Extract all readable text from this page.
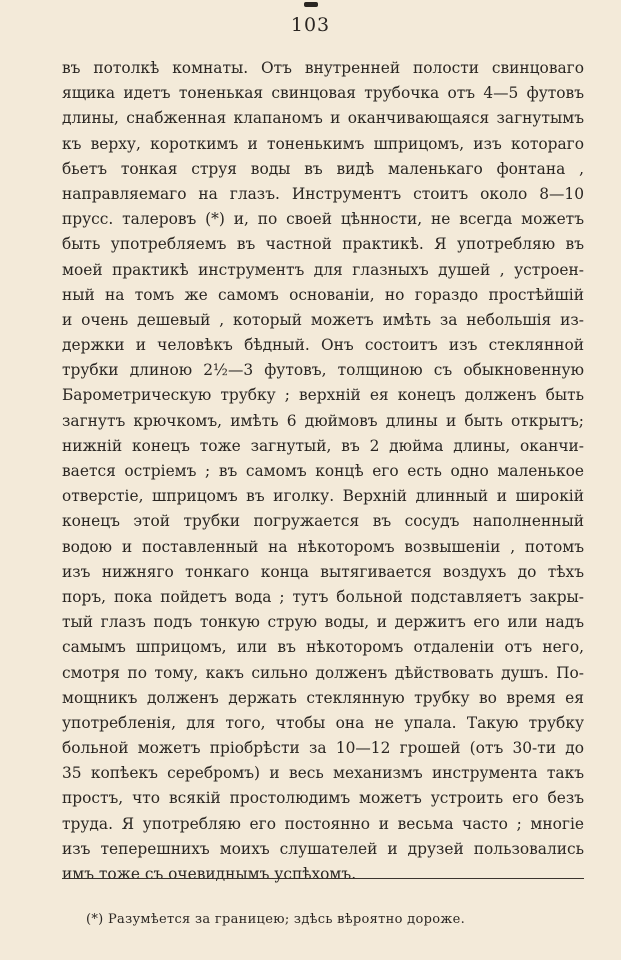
103
въ потолкѣ комнаты. Отъ внутренней полости свинцоваго
ящика идетъ тоненькая свинцовая трубочка отъ 4—5 футовъ
длины, снабженная клапаномъ и оканчивающаяся загнутымъ
къ верху, короткимъ и тоненькимъ шприцомъ, изъ котораго
бьетъ тонкая струя воды въ видѣ маленькаго фонтана ,
направляемаго на глазъ. Инструментъ стоитъ около 8—10
прусс. талеровъ (*) и, по своей цѣнности, не всегда можетъ
быть употребляемъ въ частной практикѣ. Я употребляю въ
моей практикѣ инструментъ для глазныхъ душей , устроен-
ный на томъ же самомъ основаніи, но гораздо простѣйшій
и очень дешевый , который можетъ имѣть за небольшія из-
держки и человѣкъ бѣдный. Онъ состоитъ изъ стеклянной
трубки длиною 2½—3 футовъ, толщиною съ обыкновенную
Барометрическую трубку ; верхній ея конецъ долженъ быть
загнутъ крючкомъ, имѣть 6 дюймовъ длины и быть открытъ;
нижній конецъ тоже загнутый, въ 2 дюйма длины, оканчи-
вается остріемъ ; въ самомъ концѣ его есть одно маленькое
отверстіе, шприцомъ въ иголку. Верхній длинный и широкій
конецъ этой трубки погружается въ сосудъ наполненный
водою и поставленный на нѣкоторомъ возвышеніи , потомъ
изъ нижняго тонкаго конца вытягивается воздухъ до тѣхъ
поръ, пока пойдетъ вода ; тутъ больной подставляетъ закры-
тый глазъ подъ тонкую струю воды, и держитъ его или надъ
самымъ шприцомъ, или въ нѣкоторомъ отдаленіи отъ него,
смотря по тому, какъ сильно долженъ дѣйствовать душъ. По-
мощникъ долженъ держать стеклянную трубку во время ея
употребленія, для того, чтобы она не упала. Такую трубку
больной можетъ пріобрѣсти за 10—12 грошей (отъ 30-ти до
35 копѣекъ серебромъ) и весь механизмъ инструмента такъ
простъ, что всякій простолюдимъ можетъ устроить его безъ
труда. Я употребляю его постоянно и весьма часто ; многіе
изъ теперешнихъ моихъ слушателей и друзей пользовались
имъ тоже съ очевиднымъ успѣхомъ.
(*) Разумѣется за границею; здѣсь вѣроятно дороже.
